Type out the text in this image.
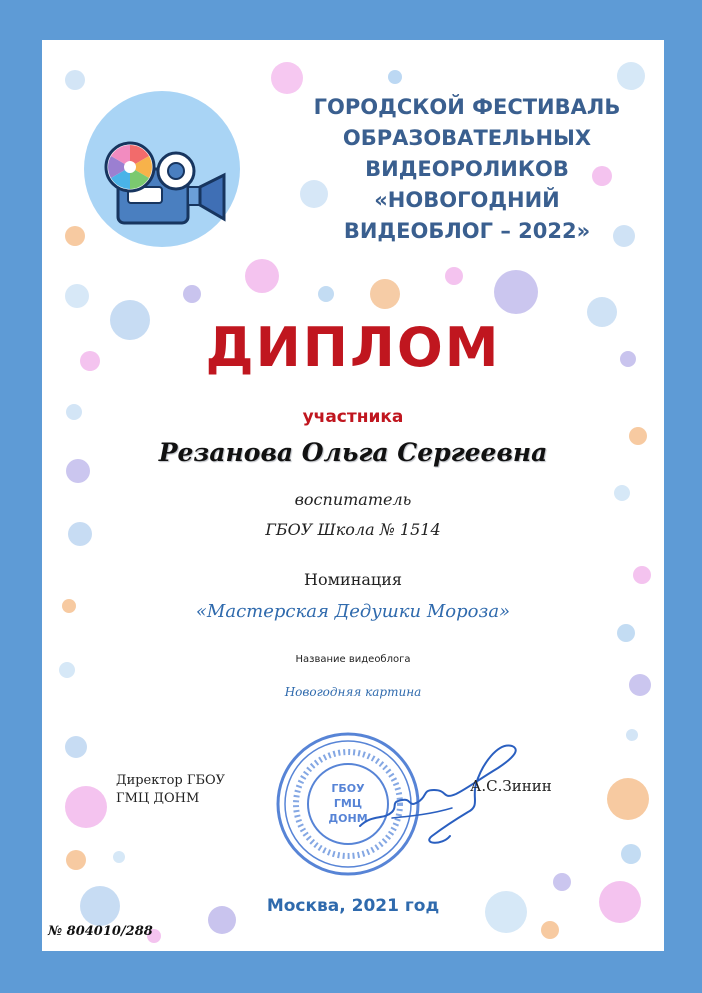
ГОРОДСКОЙ ФЕСТИВАЛЬ
ОБРАЗОВАТЕЛЬНЫХ
ВИДЕОРОЛИКОВ
«НОВОГОДНИЙ
ВИДЕОБЛОГ – 2022»
ДИПЛОМ
участника
Резанова Ольга Сергеевна
воспитатель
ГБОУ Школа № 1514
Номинация
«Мастерская Дедушки Мороза»
Название видеоблога
Новогодняя картина
Директор ГБОУ
ГМЦ ДОНМ
ГБОУ
ГМЦ
ДОНМ
А.С.Зинин
Москва, 2021 год
№ 804010/288
